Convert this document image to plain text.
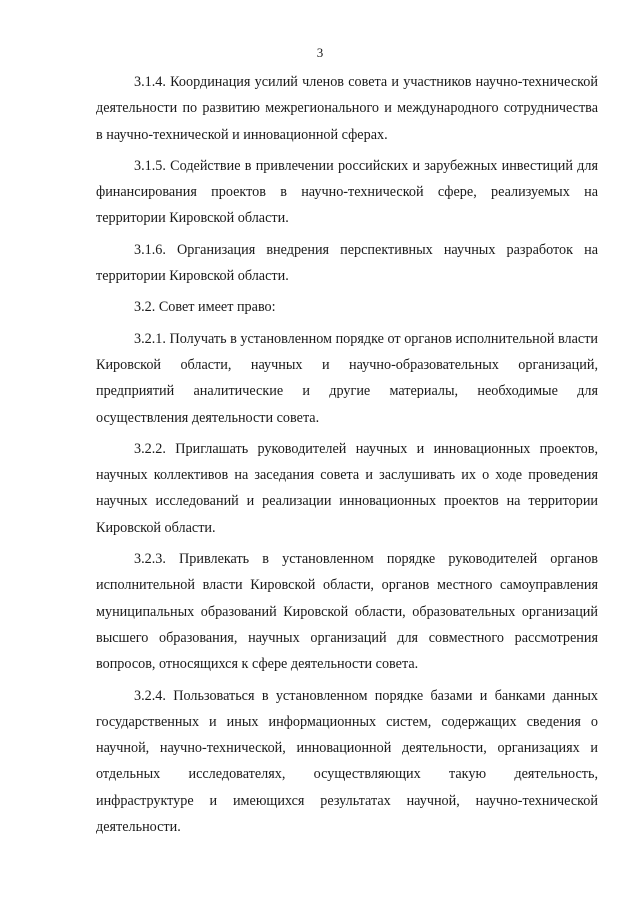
3

3.1.4. Координация усилий членов совета и участников научно-технической деятельности по развитию межрегионального и международного сотрудничества в научно-технической и инновационной сферах.

3.1.5. Содействие в привлечении российских и зарубежных инвестиций для финансирования проектов в научно-технической сфере, реализуемых на территории Кировской области.

3.1.6. Организация внедрения перспективных научных разработок на территории Кировской области.

3.2. Совет имеет право:

3.2.1. Получать в установленном порядке от органов исполнительной власти Кировской области, научных и научно-образовательных организаций, предприятий аналитические и другие материалы, необходимые для осуществления деятельности совета.

3.2.2. Приглашать руководителей научных и инновационных проектов, научных коллективов на заседания совета и заслушивать их о ходе проведения научных исследований и реализации инновационных проектов на территории Кировской области.

3.2.3. Привлекать в установленном порядке руководителей органов исполнительной власти Кировской области, органов местного самоуправления муниципальных образований Кировской области, образовательных организаций высшего образования, научных организаций для совместного рассмотрения вопросов, относящихся к сфере деятельности совета.

3.2.4. Пользоваться в установленном порядке базами и банками данных государственных и иных информационных систем, содержащих сведения о научной, научно-технической, инновационной деятельности, организациях и отдельных исследователях, осуществляющих такую деятельность, инфраструктуре и имеющихся результатах научной, научно-технической деятельности.
